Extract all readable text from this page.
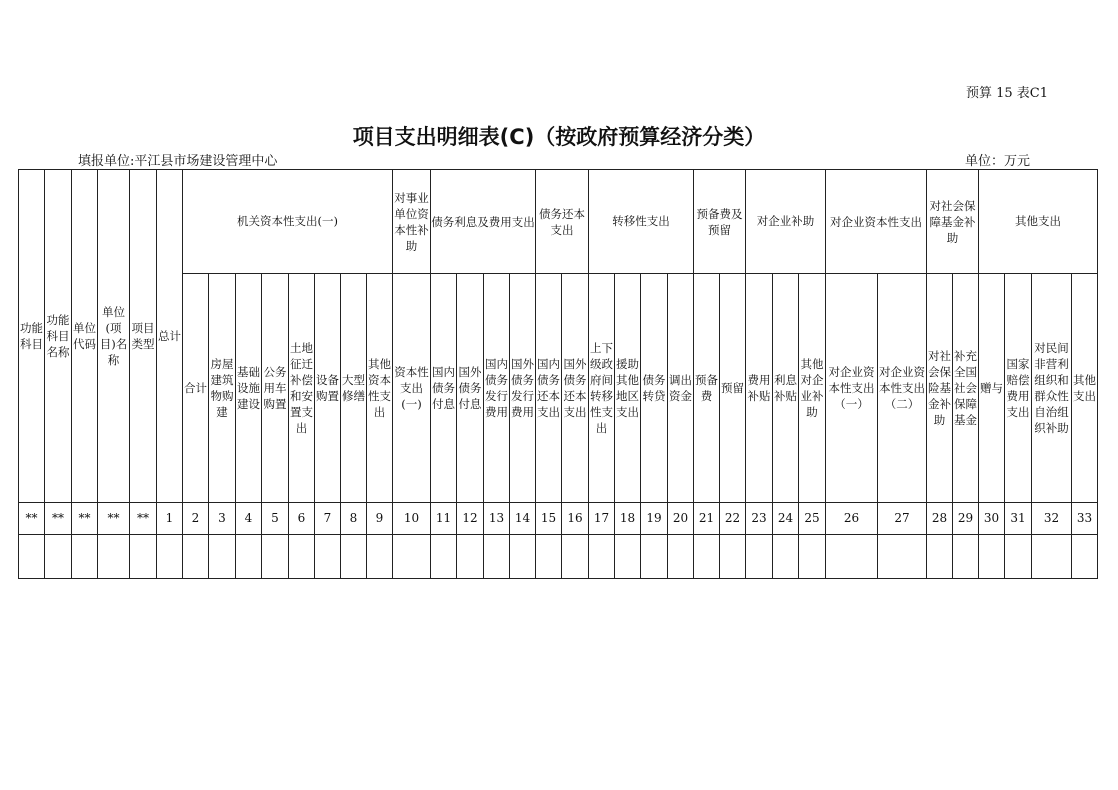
预算 15 表C1
项目支出明细表(C)（按政府预算经济分类）
填报单位:平江县市场建设管理中心	单位：万元
功能科目	功能科目名称	单位代码	单位(项目)名称	项目类型	总计	机关资本性支出(一)								对事业单位资本性补助	债务利息及费用支出				债务还本支出		转移性支出				预备费及预留		对企业补助			对企业资本性支出		对社会保障基金补助		其他支出			
						合计	房屋建筑物购建	基础设施建设	公务用车购置	土地征迁补偿和安置支出	设备购置	大型修缮	其他资本性支出	资本性支出(一)	国内债务付息	国外债务付息	国内债务发行费用	国外债务发行费用	国内债务还本支出	国外债务还本支出	上下级政府间转移性支出	援助其他地区支出	债务转贷	调出资金	预备费	预留	费用补贴	利息补贴	其他对企业补助	对企业资本性支出（一）	对企业资本性支出（二）	对社会保险基金补助	补充全国社会保障基金	赠与	国家赔偿费用支出	对民间非营利组织和群众性自治组织补助	其他支出
**	**	**	**	**	1	2	3	4	5	6	7	8	9	10	11	12	13	14	15	16	17	18	19	20	21	22	23	24	25	26	27	28	29	30	31	32	33
